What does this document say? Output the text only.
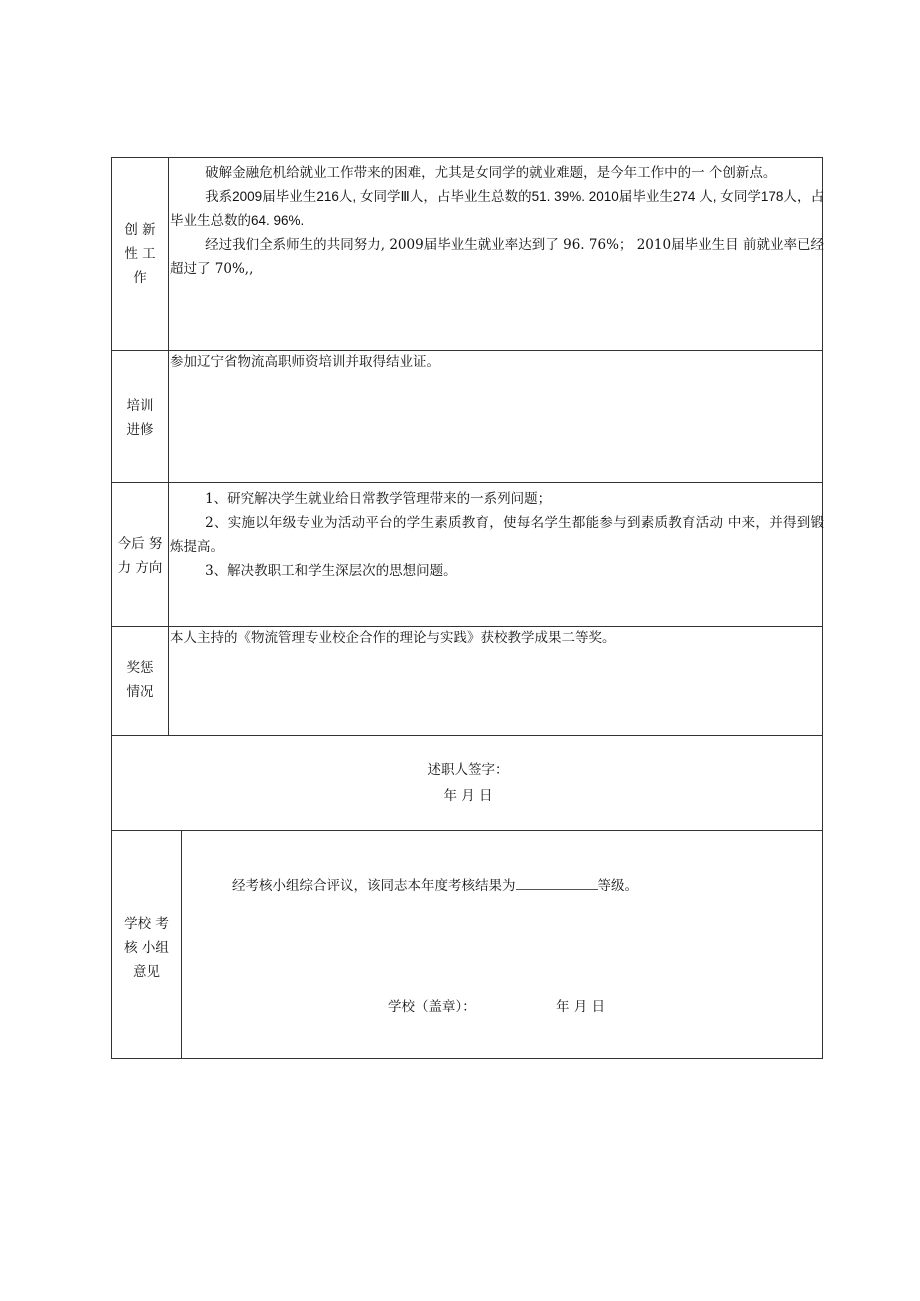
创 新
性 工
作

破解金融危机给就业工作带来的困难，尤其是女同学的就业难题，是今年工作中的一 个创新点。

我系2009届毕业生216人, 女同学Ⅲ人，占毕业生总数的51. 39%. 2010届毕业生274 人, 女同学178人，占毕业生总数的64. 96%.

经过我们全系师生的共同努力, 2009届毕业生就业率达到了 96. 76%； 2010届毕业生目 前就业率已经超过了 70%,,

培训
进修

参加辽宁省物流高职师资培训并取得结业证。

今后 努
力 方向

1、研究解决学生就业给日常教学管理带来的一系列问题；

2、实施以年级专业为活动平台的学生素质教育，使每名学生都能参与到素质教育活动 中来，并得到锻炼提高。

3、解决教职工和学生深层次的思想问题。

奖惩
情况

本人主持的《物流管理专业校企合作的理论与实践》获校教学成果二等奖。

述职人签字：
年 月 日
学校 考
核 小组
意见
经考核小组综合评议，该同志本年度考核结果为	等级。
学校（盖章）：	年 月 日
